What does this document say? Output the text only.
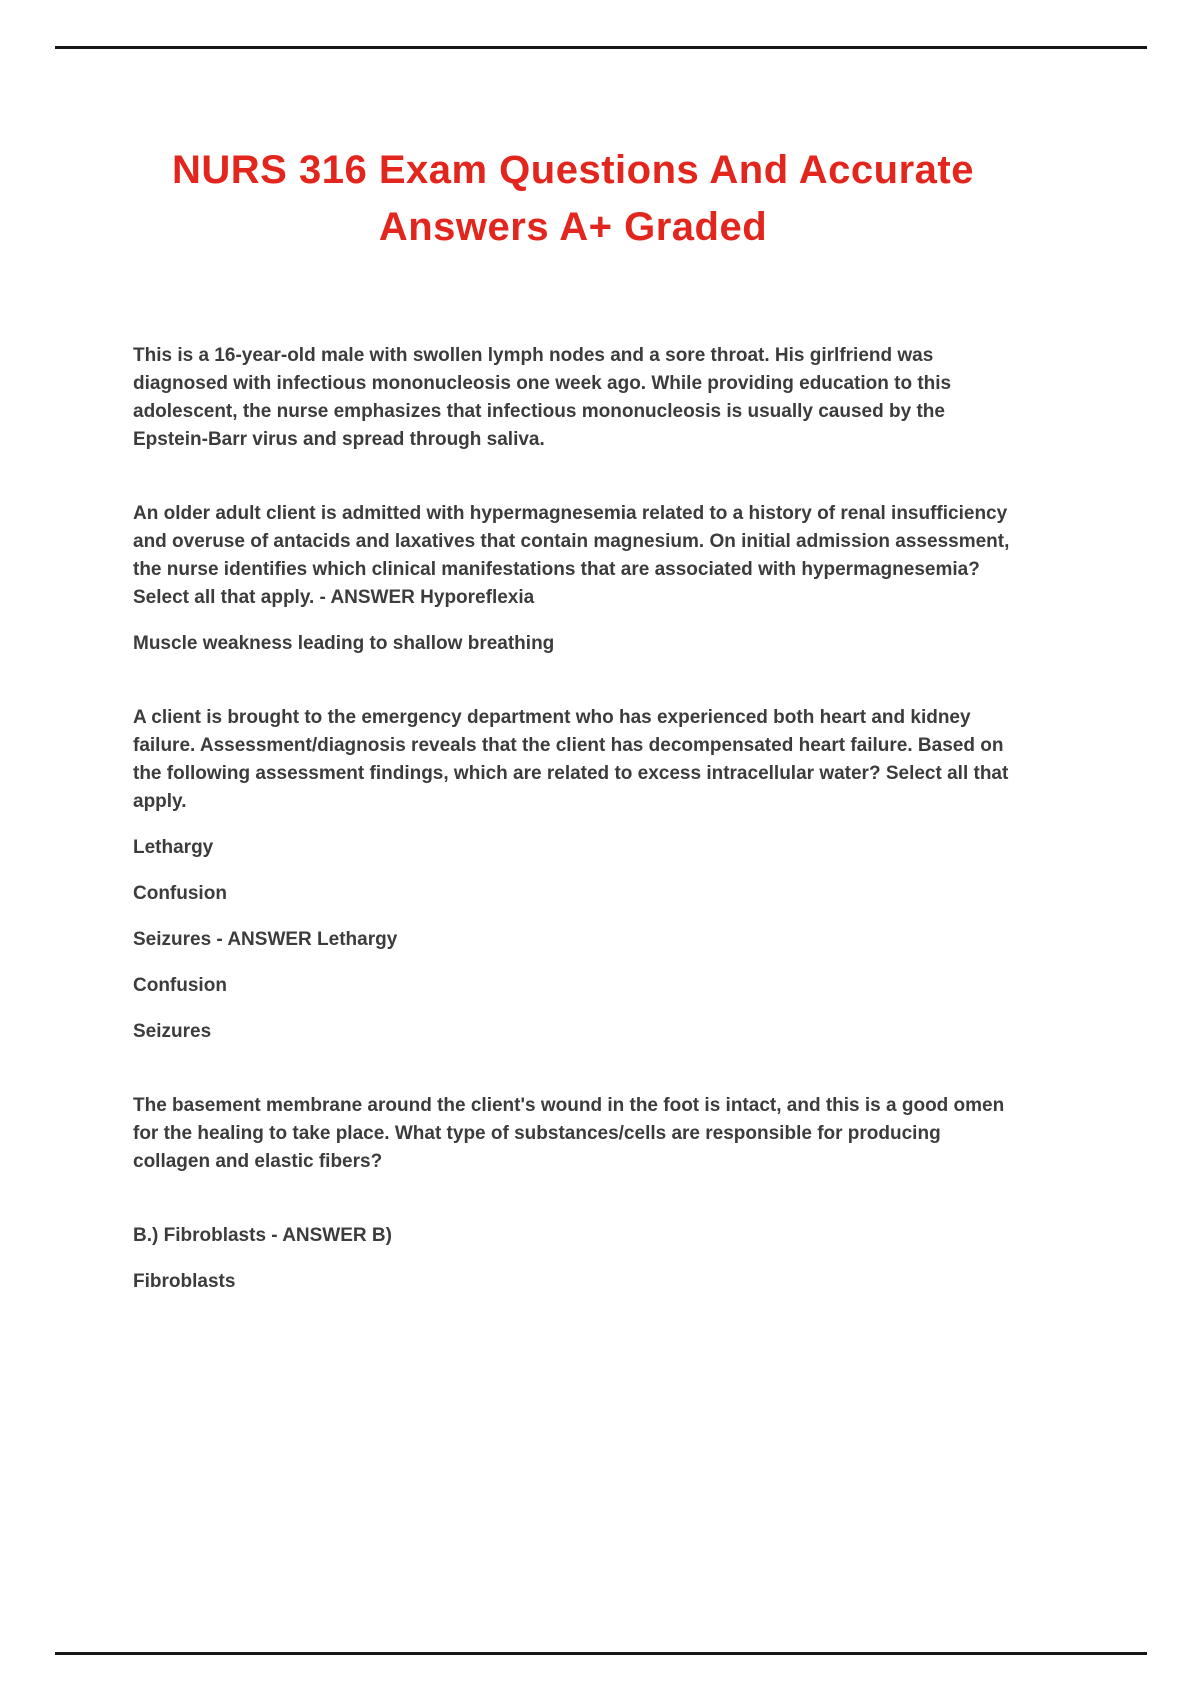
NURS 316 Exam Questions And Accurate Answers A+ Graded

This is a 16-year-old male with swollen lymph nodes and a sore throat. His girlfriend was diagnosed with infectious mononucleosis one week ago. While providing education to this adolescent, the nurse emphasizes that infectious mononucleosis is usually caused by the Epstein-Barr virus and spread through saliva.

An older adult client is admitted with hypermagnesemia related to a history of renal insufficiency and overuse of antacids and laxatives that contain magnesium. On initial admission assessment, the nurse identifies which clinical manifestations that are associated with hypermagnesemia? Select all that apply. - ANSWER Hyporeflexia

Muscle weakness leading to shallow breathing

A client is brought to the emergency department who has experienced both heart and kidney failure. Assessment/diagnosis reveals that the client has decompensated heart failure. Based on the following assessment findings, which are related to excess intracellular water? Select all that apply.

Lethargy

Confusion

Seizures - ANSWER Lethargy

Confusion

Seizures

The basement membrane around the client's wound in the foot is intact, and this is a good omen for the healing to take place. What type of substances/cells are responsible for producing collagen and elastic fibers?

B.) Fibroblasts - ANSWER B)

Fibroblasts
